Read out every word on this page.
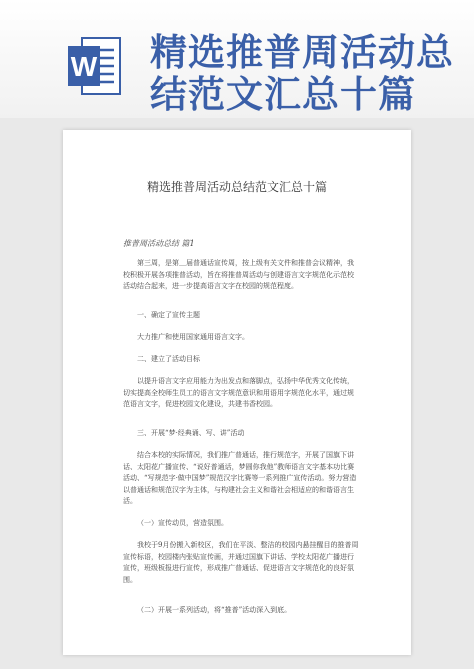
W 精选推普周活动总
结范文汇总十篇
精选推普周活动总结范文汇总十篇
推普周活动总结 篇1
第三周，是第＿届普通话宣传周，按上级有关文件和推普会议精神，我校积极开展各项推普活动，旨在将推普周活动与创建语言文字规范化示范校活动结合起来，进一步提高语言文字在校园的规范程度。
一、确定了宣传主题
大力推广和使用国家通用语言文字。
二、建立了活动目标
以提升语言文字应用能力为出发点和落脚点，弘扬中华优秀文化传统，切实提高全校师生员工的语言文字规范意识和用语用字规范化水平，通过规范语言文字，促进校园文化建设，共建书香校园。
三、开展“梦·经典诵、写、讲”活动
结合本校的实际情况，我们推广普通话，推行规范字，开展了国旗下讲话、太阳花广播宣传、“说好普通话，梦圆你我他”教师语言文字基本功比赛活动、“写规范字·做中国梦”规范汉字比赛等一系列推广宣传活动。努力营造以普通话和规范汉字为主体，与构建社会主义和谐社会相适应的和谐语言生活。
（一）宣传动员，营造氛围。
我校于9月份搬入新校区，我们在平淡、整洁的校园内悬挂醒目的推普周宣传标语，校园楼内张贴宣传画，并通过国旗下讲话、学校太阳花广播进行宣传，班级板报进行宣传，形成推广普通话、促进语言文字规范化的良好氛围。
（二）开展一系列活动，将“推普”活动深入到底。
